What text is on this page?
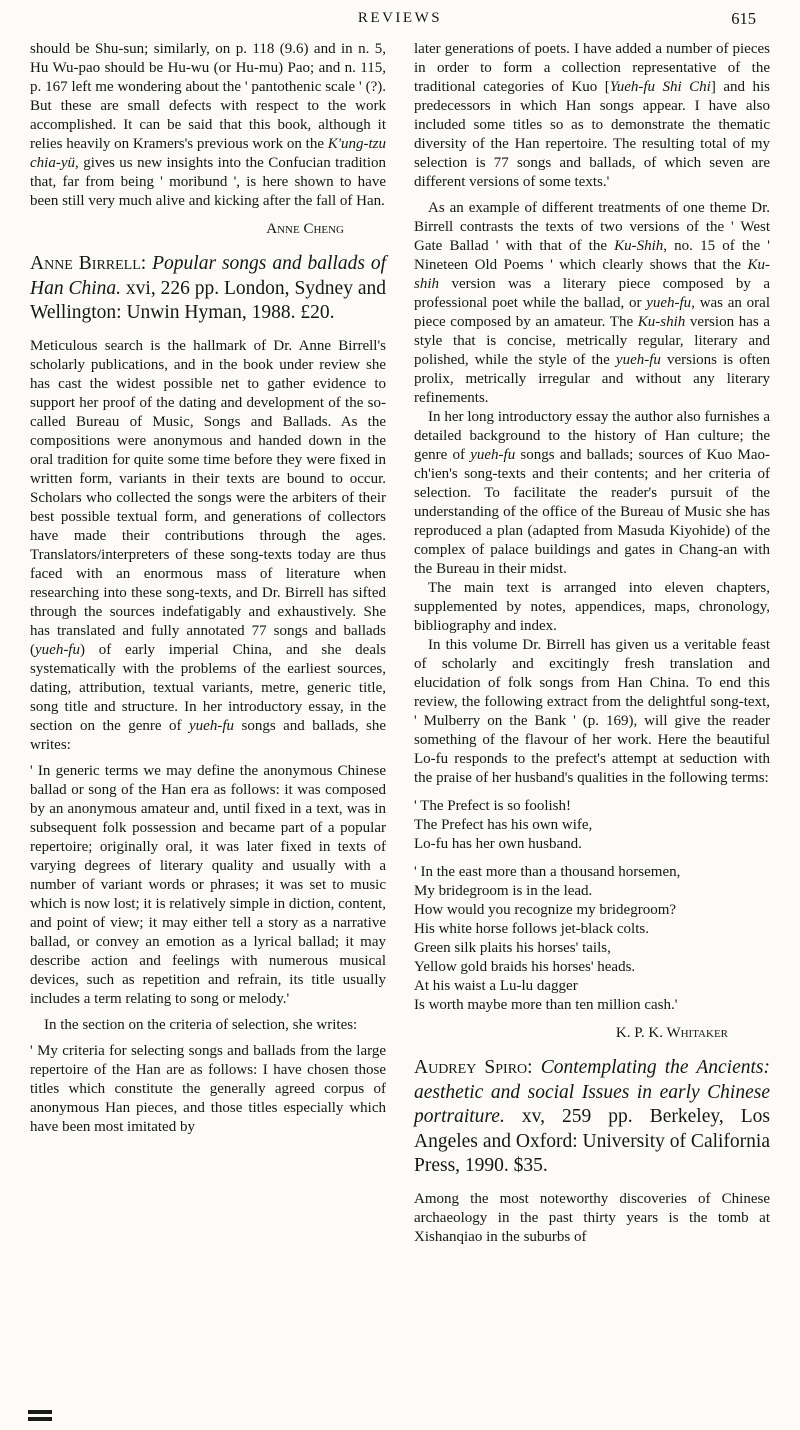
REVIEWS	615

should be Shu-sun; similarly, on p. 118 (9.6) and in n. 5, Hu Wu-pao should be Hu-wu (or Hu-mu) Pao; and n. 115, p. 167 left me wondering about the ' pantothenic scale ' (?). But these are small defects with respect to the work accomplished. It can be said that this book, although it relies heavily on Kramers's previous work on the K'ung-tzu chia-yü, gives us new insights into the Confucian tradition that, far from being ' moribund ', is here shown to have been still very much alive and kicking after the fall of Han.

Anne Cheng

Anne Birrell: Popular songs and ballads of Han China. xvi, 226 pp. London, Sydney and Wellington: Unwin Hyman, 1988. £20.

Meticulous search is the hallmark of Dr. Anne Birrell's scholarly publications, and in the book under review she has cast the widest possible net to gather evidence to support her proof of the dating and development of the so-called Bureau of Music, Songs and Ballads. As the compositions were anonymous and handed down in the oral tradition for quite some time before they were fixed in written form, variants in their texts are bound to occur. Scholars who collected the songs were the arbiters of their best possible textual form, and generations of collectors have made their contributions through the ages. Translators/interpreters of these song-texts today are thus faced with an enormous mass of literature when researching into these song-texts, and Dr. Birrell has sifted through the sources indefatigably and exhaustively. She has translated and fully annotated 77 songs and ballads (yueh-fu) of early imperial China, and she deals systematically with the problems of the earliest sources, dating, attribution, textual variants, metre, generic title, song title and structure. In her introductory essay, in the section on the genre of yueh-fu songs and ballads, she writes:

' In generic terms we may define the anonymous Chinese ballad or song of the Han era as follows: it was composed by an anonymous amateur and, until fixed in a text, was in subsequent folk possession and became part of a popular repertoire; originally oral, it was later fixed in texts of varying degrees of literary quality and usually with a number of variant words or phrases; it was set to music which is now lost; it is relatively simple in diction, content, and point of view; it may either tell a story as a narrative ballad, or convey an emotion as a lyrical ballad; it may describe action and feelings with numerous musical devices, such as repetition and refrain, its title usually includes a term relating to song or melody.'

In the section on the criteria of selection, she writes:

' My criteria for selecting songs and ballads from the large repertoire of the Han are as follows: I have chosen those titles which constitute the generally agreed corpus of anonymous Han pieces, and those titles especially which have been most imitated by

later generations of poets. I have added a number of pieces in order to form a collection representative of the traditional categories of Kuo [Yueh-fu Shi Chi] and his predecessors in which Han songs appear. I have also included some titles so as to demonstrate the thematic diversity of the Han repertoire. The resulting total of my selection is 77 songs and ballads, of which seven are different versions of some texts.'

As an example of different treatments of one theme Dr. Birrell contrasts the texts of two versions of the ' West Gate Ballad ' with that of the Ku-Shih, no. 15 of the ' Nineteen Old Poems ' which clearly shows that the Ku-shih version was a literary piece composed by a professional poet while the ballad, or yueh-fu, was an oral piece composed by an amateur. The Ku-shih version has a style that is concise, metrically regular, literary and polished, while the style of the yueh-fu versions is often prolix, metrically irregular and without any literary refinements.

In her long introductory essay the author also furnishes a detailed background to the history of Han culture; the genre of yueh-fu songs and ballads; sources of Kuo Mao-ch'ien's song-texts and their contents; and her criteria of selection. To facilitate the reader's pursuit of the understanding of the office of the Bureau of Music she has reproduced a plan (adapted from Masuda Kiyohide) of the complex of palace buildings and gates in Chang-an with the Bureau in their midst.

The main text is arranged into eleven chapters, supplemented by notes, appendices, maps, chronology, bibliography and index.

In this volume Dr. Birrell has given us a veritable feast of scholarly and excitingly fresh translation and elucidation of folk songs from Han China. To end this review, the following extract from the delightful song-text, ' Mulberry on the Bank ' (p. 169), will give the reader something of the flavour of her work. Here the beautiful Lo-fu responds to the prefect's attempt at seduction with the praise of her husband's qualities in the following terms:

' The Prefect is so foolish!
The Prefect has his own wife,
Lo-fu has her own husband.
' In the east more than a thousand horsemen,
My bridegroom is in the lead.
How would you recognize my bridegroom?
His white horse follows jet-black colts.
Green silk plaits his horses' tails,
Yellow gold braids his horses' heads.
At his waist a Lu-lu dagger
Is worth maybe more than ten million cash.'
K. P. K. Whitaker

Audrey Spiro: Contemplating the Ancients: aesthetic and social Issues in early Chinese portraiture. xv, 259 pp. Berkeley, Los Angeles and Oxford: University of California Press, 1990. $35.

Among the most noteworthy discoveries of Chinese archaeology in the past thirty years is the tomb at Xishanqiao in the suburbs of
